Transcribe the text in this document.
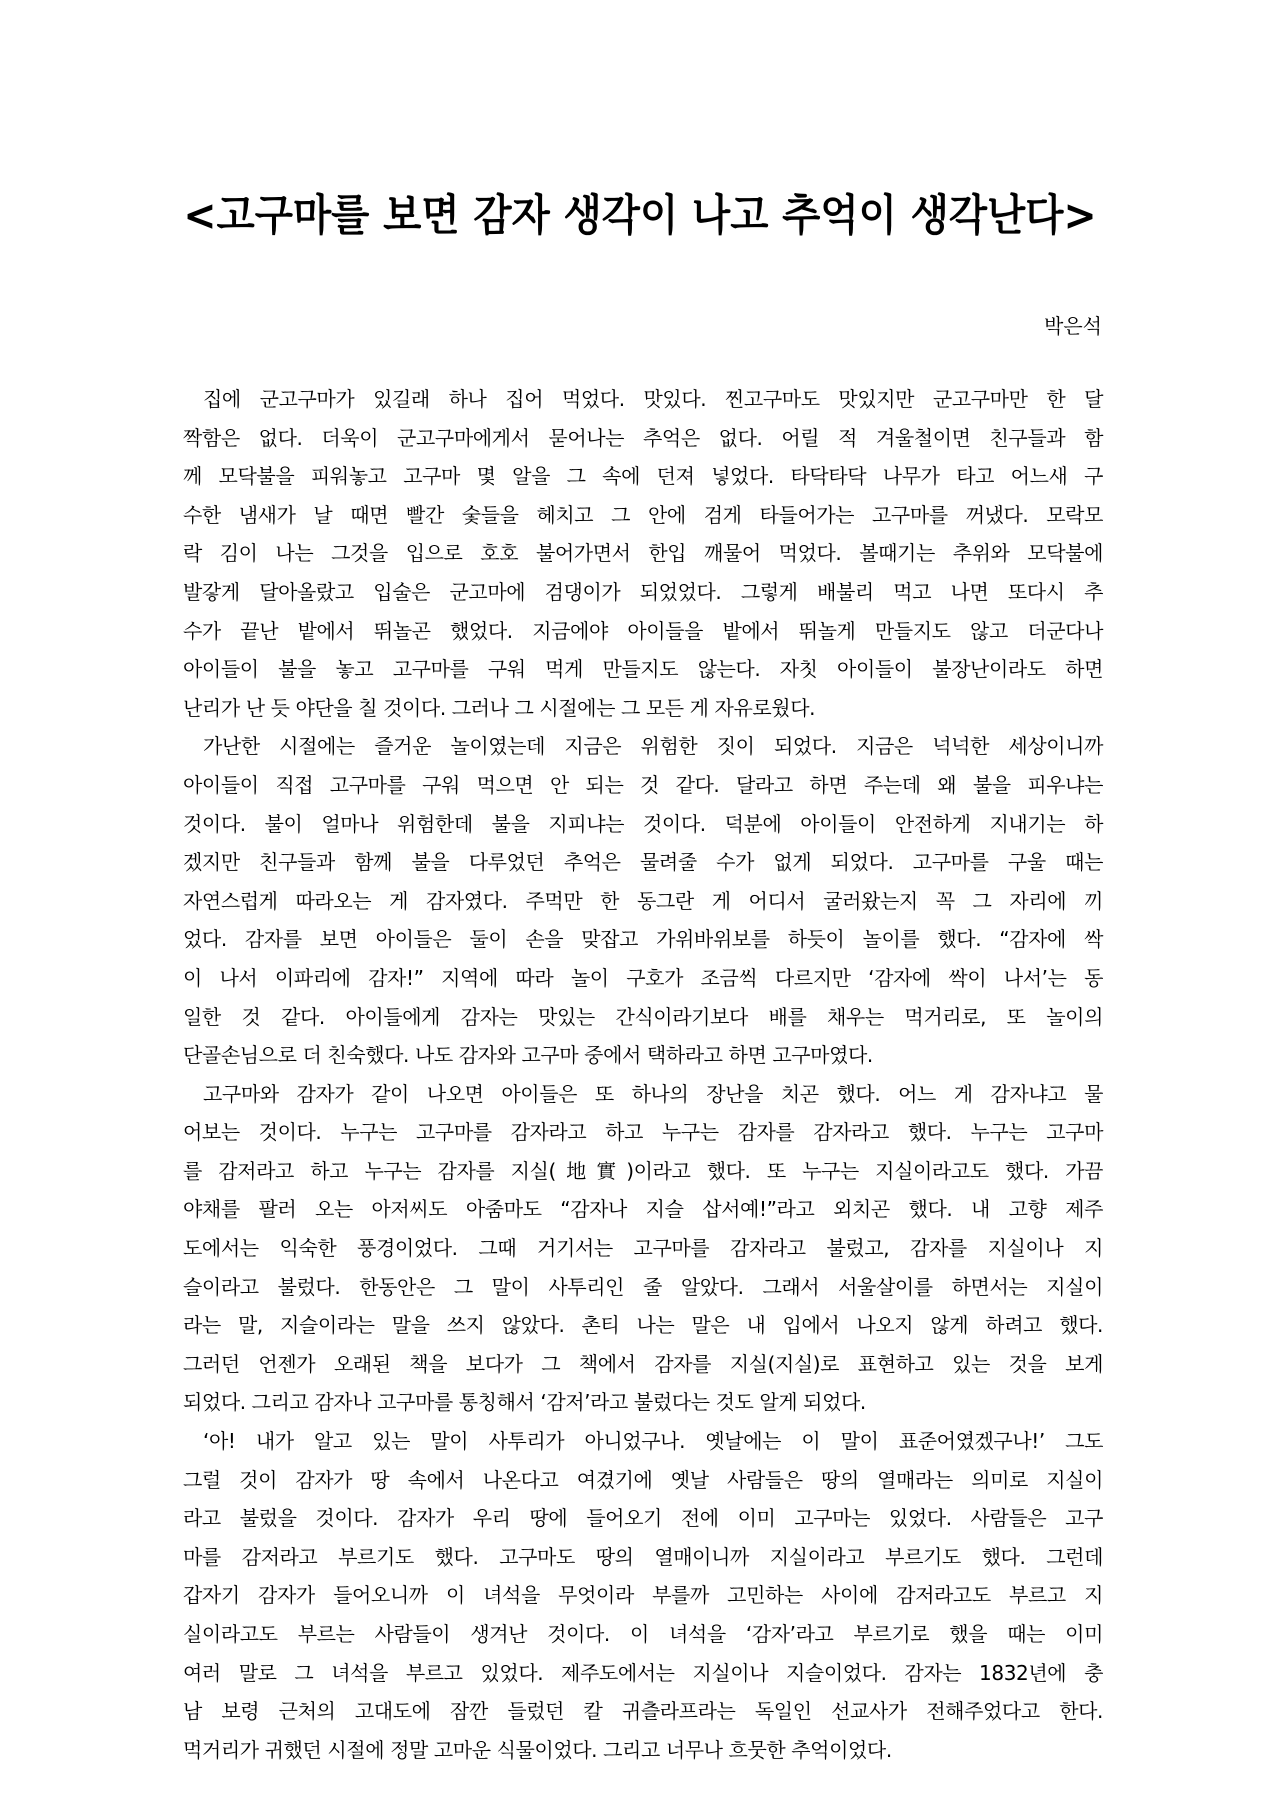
<고구마를 보면 감자 생각이 나고 추억이 생각난다>

박은석

집에 군고구마가 있길래 하나 집어 먹었다. 맛있다. 찐고구마도 맛있지만 군고구마만 한 달
짝함은 없다. 더욱이 군고구마에게서 묻어나는 추억은 없다. 어릴 적 겨울철이면 친구들과 함
께 모닥불을 피워놓고 고구마 몇 알을 그 속에 던져 넣었다. 타닥타닥 나무가 타고 어느새 구
수한 냄새가 날 때면 빨간 숯들을 헤치고 그 안에 검게 타들어가는 고구마를 꺼냈다. 모락모
락 김이 나는 그것을 입으로 호호 불어가면서 한입 깨물어 먹었다. 볼때기는 추위와 모닥불에
발갛게 달아올랐고 입술은 군고마에 검댕이가 되었었다. 그렇게 배불리 먹고 나면 또다시 추
수가 끝난 밭에서 뛰놀곤 했었다. 지금에야 아이들을 밭에서 뛰놀게 만들지도 않고 더군다나
아이들이 불을 놓고 고구마를 구워 먹게 만들지도 않는다. 자칫 아이들이 불장난이라도 하면
난리가 난 듯 야단을 칠 것이다. 그러나 그 시절에는 그 모든 게 자유로웠다.
가난한 시절에는 즐거운 놀이였는데 지금은 위험한 짓이 되었다. 지금은 넉넉한 세상이니까
아이들이 직접 고구마를 구워 먹으면 안 되는 것 같다. 달라고 하면 주는데 왜 불을 피우냐는
것이다. 불이 얼마나 위험한데 불을 지피냐는 것이다. 덕분에 아이들이 안전하게 지내기는 하
겠지만 친구들과 함께 불을 다루었던 추억은 물려줄 수가 없게 되었다. 고구마를 구울 때는
자연스럽게 따라오는 게 감자였다. 주먹만 한 동그란 게 어디서 굴러왔는지 꼭 그 자리에 끼
었다. 감자를 보면 아이들은 둘이 손을 맞잡고 가위바위보를 하듯이 놀이를 했다. “감자에 싹
이 나서 이파리에 감자!” 지역에 따라 놀이 구호가 조금씩 다르지만 ‘감자에 싹이 나서’는 동
일한 것 같다. 아이들에게 감자는 맛있는 간식이라기보다 배를 채우는 먹거리로, 또 놀이의
단골손님으로 더 친숙했다. 나도 감자와 고구마 중에서 택하라고 하면 고구마였다.
고구마와 감자가 같이 나오면 아이들은 또 하나의 장난을 치곤 했다. 어느 게 감자냐고 물
어보는 것이다. 누구는 고구마를 감자라고 하고 누구는 감자를 감자라고 했다. 누구는 고구마
를 감저라고 하고 누구는 감자를 지실(地實)이라고 했다. 또 누구는 지실이라고도 했다. 가끔
야채를 팔러 오는 아저씨도 아줌마도 “감자나 지슬 삽서예!”라고 외치곤 했다. 내 고향 제주
도에서는 익숙한 풍경이었다. 그때 거기서는 고구마를 감자라고 불렀고, 감자를 지실이나 지
슬이라고 불렀다. 한동안은 그 말이 사투리인 줄 알았다. 그래서 서울살이를 하면서는 지실이
라는 말, 지슬이라는 말을 쓰지 않았다. 촌티 나는 말은 내 입에서 나오지 않게 하려고 했다.
그러던 언젠가 오래된 책을 보다가 그 책에서 감자를 지실(지실)로 표현하고 있는 것을 보게
되었다. 그리고 감자나 고구마를 통칭해서 ‘감저’라고 불렀다는 것도 알게 되었다.
‘아! 내가 알고 있는 말이 사투리가 아니었구나. 옛날에는 이 말이 표준어였겠구나!’ 그도
그럴 것이 감자가 땅 속에서 나온다고 여겼기에 옛날 사람들은 땅의 열매라는 의미로 지실이
라고 불렀을 것이다. 감자가 우리 땅에 들어오기 전에 이미 고구마는 있었다. 사람들은 고구
마를 감저라고 부르기도 했다. 고구마도 땅의 열매이니까 지실이라고 부르기도 했다. 그런데
갑자기 감자가 들어오니까 이 녀석을 무엇이라 부를까 고민하는 사이에 감저라고도 부르고 지
실이라고도 부르는 사람들이 생겨난 것이다. 이 녀석을 ‘감자’라고 부르기로 했을 때는 이미
여러 말로 그 녀석을 부르고 있었다. 제주도에서는 지실이나 지슬이었다. 감자는 1832년에 충
남 보령 근처의 고대도에 잠깐 들렀던 칼 귀츨라프라는 독일인 선교사가 전해주었다고 한다.
먹거리가 귀했던 시절에 정말 고마운 식물이었다. 그리고 너무나 흐뭇한 추억이었다.
